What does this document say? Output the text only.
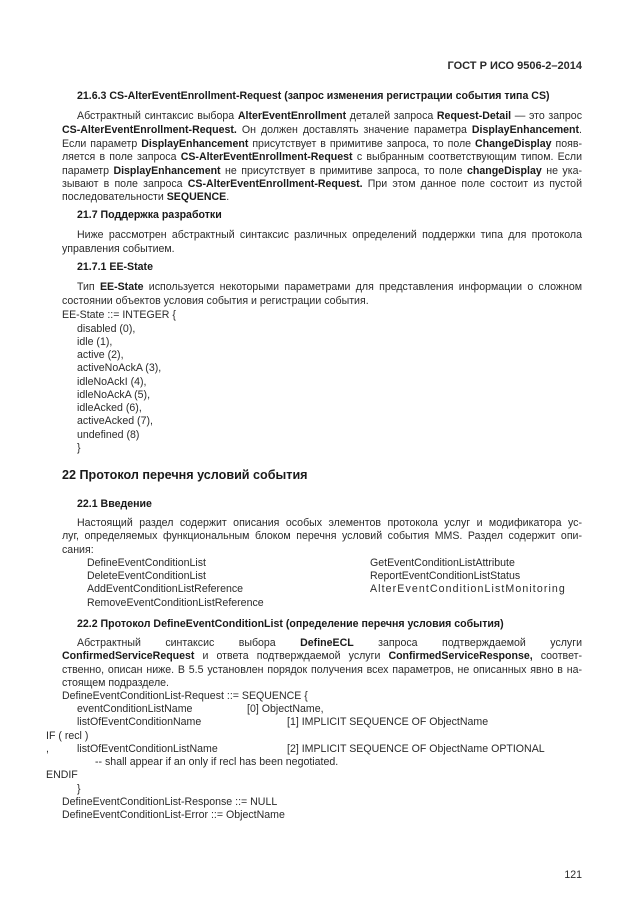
ГОСТ Р ИСО 9506-2–2014
21.6.3 CS-AlterEventEnrollment-Request (запрос изменения регистрации события типа CS)
Абстрактный синтаксис выбора AlterEventEnrollment деталей запроса Request-Detail — это запрос
CS-AlterEventEnrollment-Request. Он должен доставлять значение параметра DisplayEnhancement.
Если параметр DisplayEnhancement присутствует в примитиве запроса, то поле ChangeDisplay появ-
ляется в поле запроса CS-AlterEventEnrollment-Request с выбранным соответствующим типом. Если
параметр DisplayEnhancement не присутствует в примитиве запроса, то поле changeDisplay не ука-
зывают в поле запроса CS-AlterEventEnrollment-Request. При этом данное поле состоит из пустой
последовательности SEQUENCE.
21.7 Поддержка разработки
Ниже рассмотрен абстрактный синтаксис различных определений поддержки типа для протокола
управления событием.
21.7.1 EE-State
Тип EE-State используется некоторыми параметрами для представления информации о сложном
состоянии объектов условия события и регистрации события.
EE-State ::= INTEGER {
disabled (0),
idle (1),
active (2),
activeNoAckA (3),
idleNoAckI (4),
idleNoAckA (5),
idleAcked (6),
activeAcked (7),
undefined (8)
}
22 Протокол перечня условий события
22.1 Введение
Настоящий раздел содержит описания особых элементов протокола услуг и модификатора ус-
луг, определяемых функциональным блоком перечня условий события MMS. Раздел содержит опи-
сания:
DefineEventConditionList	GetEventConditionListAttribute
DeleteEventConditionList	ReportEventConditionListStatus
AddEventConditionListReference	AlterEventConditionListMonitoring
RemoveEventConditionListReference
22.2 Протокол DefineEventConditionList (определение перечня условия события)
Абстрактный синтаксис выбора DefineECL запроса подтверждаемой услуги
ConfirmedServiceRequest и ответа подтверждаемой услуги ConfirmedServiceResponse, соответ-
ственно, описан ниже. В 5.5 установлен порядок получения всех параметров, не описанных явно в на-
стоящем подразделе.
DefineEventConditionList-Request ::= SEQUENCE {
eventConditionListName	[0] ObjectName,
listOfEventConditionName	[1] IMPLICIT SEQUENCE OF ObjectName
IF ( recl )
,	listOfEventConditionListName	[2] IMPLICIT SEQUENCE OF ObjectName OPTIONAL
-- shall appear if an only if recl has been negotiated.
ENDIF
}
DefineEventConditionList-Response ::= NULL
DefineEventConditionList-Error ::= ObjectName
121
